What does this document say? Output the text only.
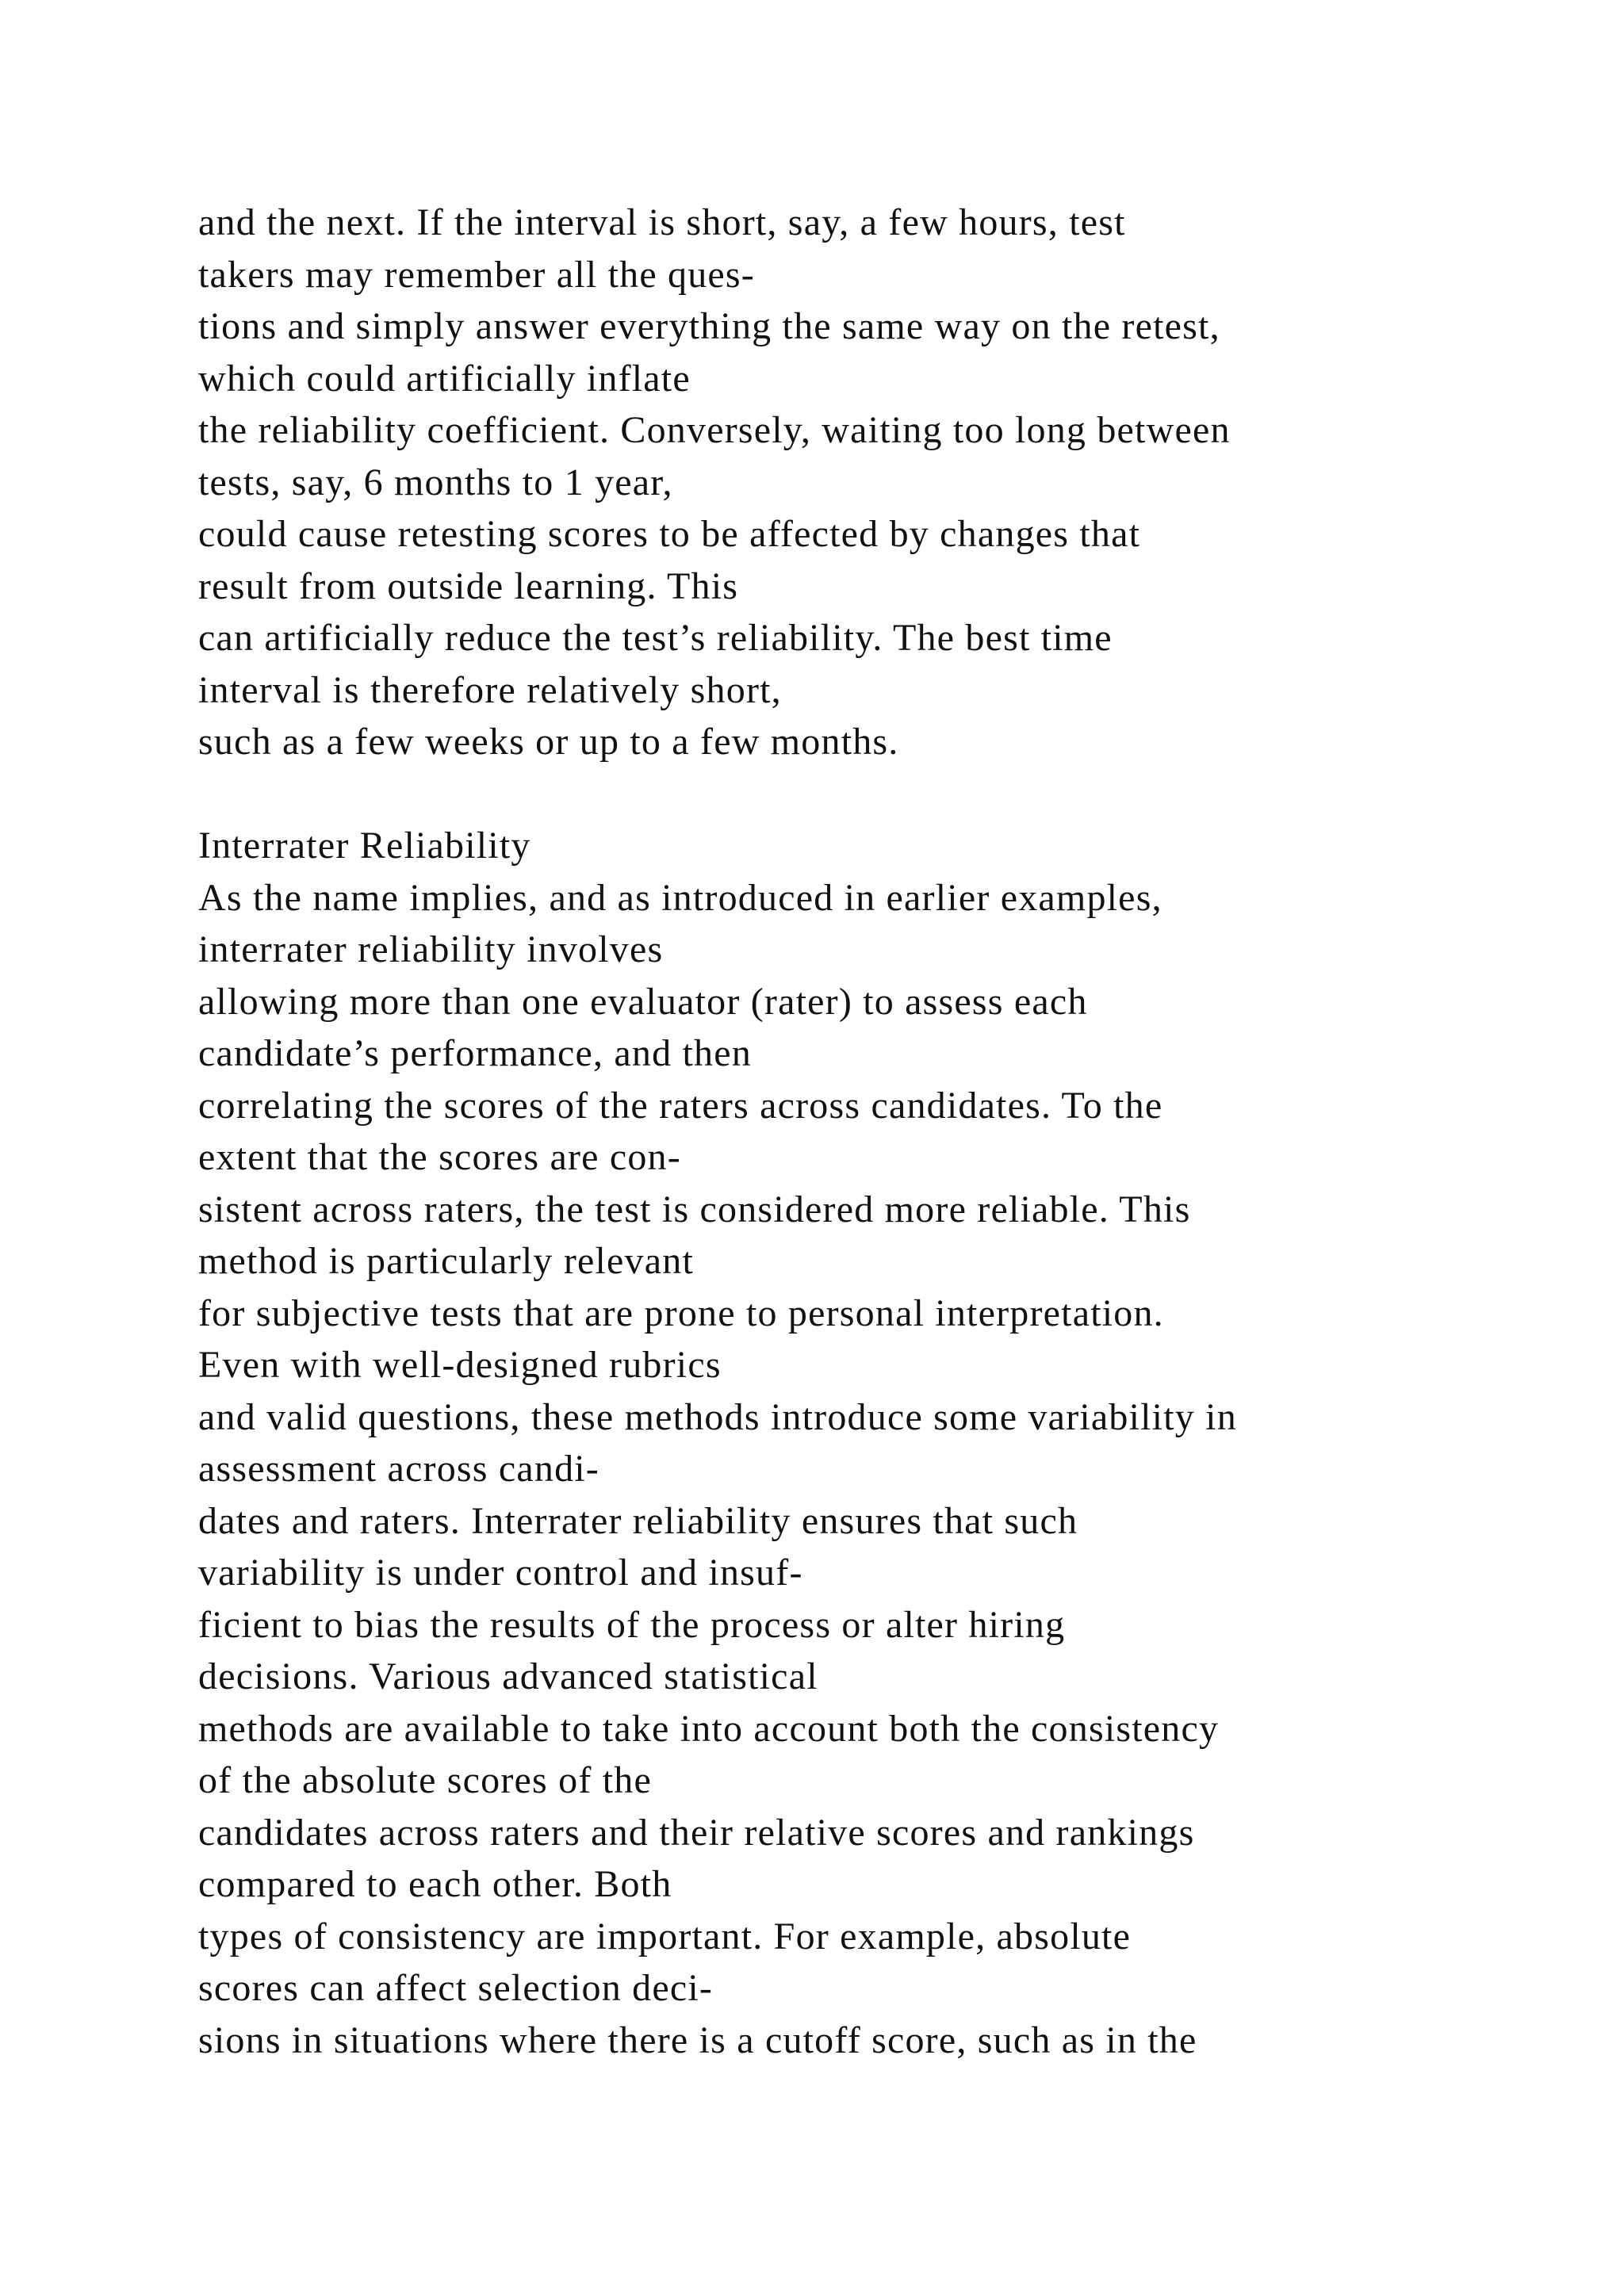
and the next. If the interval is short, say, a few hours, test
takers may remember all the ques-
tions and simply answer everything the same way on the retest,
which could artificially inflate
the reliability coefficient. Conversely, waiting too long between
tests, say, 6 months to 1 year,
could cause retesting scores to be affected by changes that
result from outside learning. This
can artificially reduce the test’s reliability. The best time
interval is therefore relatively short,
such as a few weeks or up to a few months.
Interrater Reliability
As the name implies, and as introduced in earlier examples,
interrater reliability involves
allowing more than one evaluator (rater) to assess each
candidate’s performance, and then
correlating the scores of the raters across candidates. To the
extent that the scores are con-
sistent across raters, the test is considered more reliable. This
method is particularly relevant
for subjective tests that are prone to personal interpretation.
Even with well-designed rubrics
and valid questions, these methods introduce some variability in
assessment across candi-
dates and raters. Interrater reliability ensures that such
variability is under control and insuf-
ficient to bias the results of the process or alter hiring
decisions. Various advanced statistical
methods are available to take into account both the consistency
of the absolute scores of the
candidates across raters and their relative scores and rankings
compared to each other. Both
types of consistency are important. For example, absolute
scores can affect selection deci-
sions in situations where there is a cutoff score, such as in the
